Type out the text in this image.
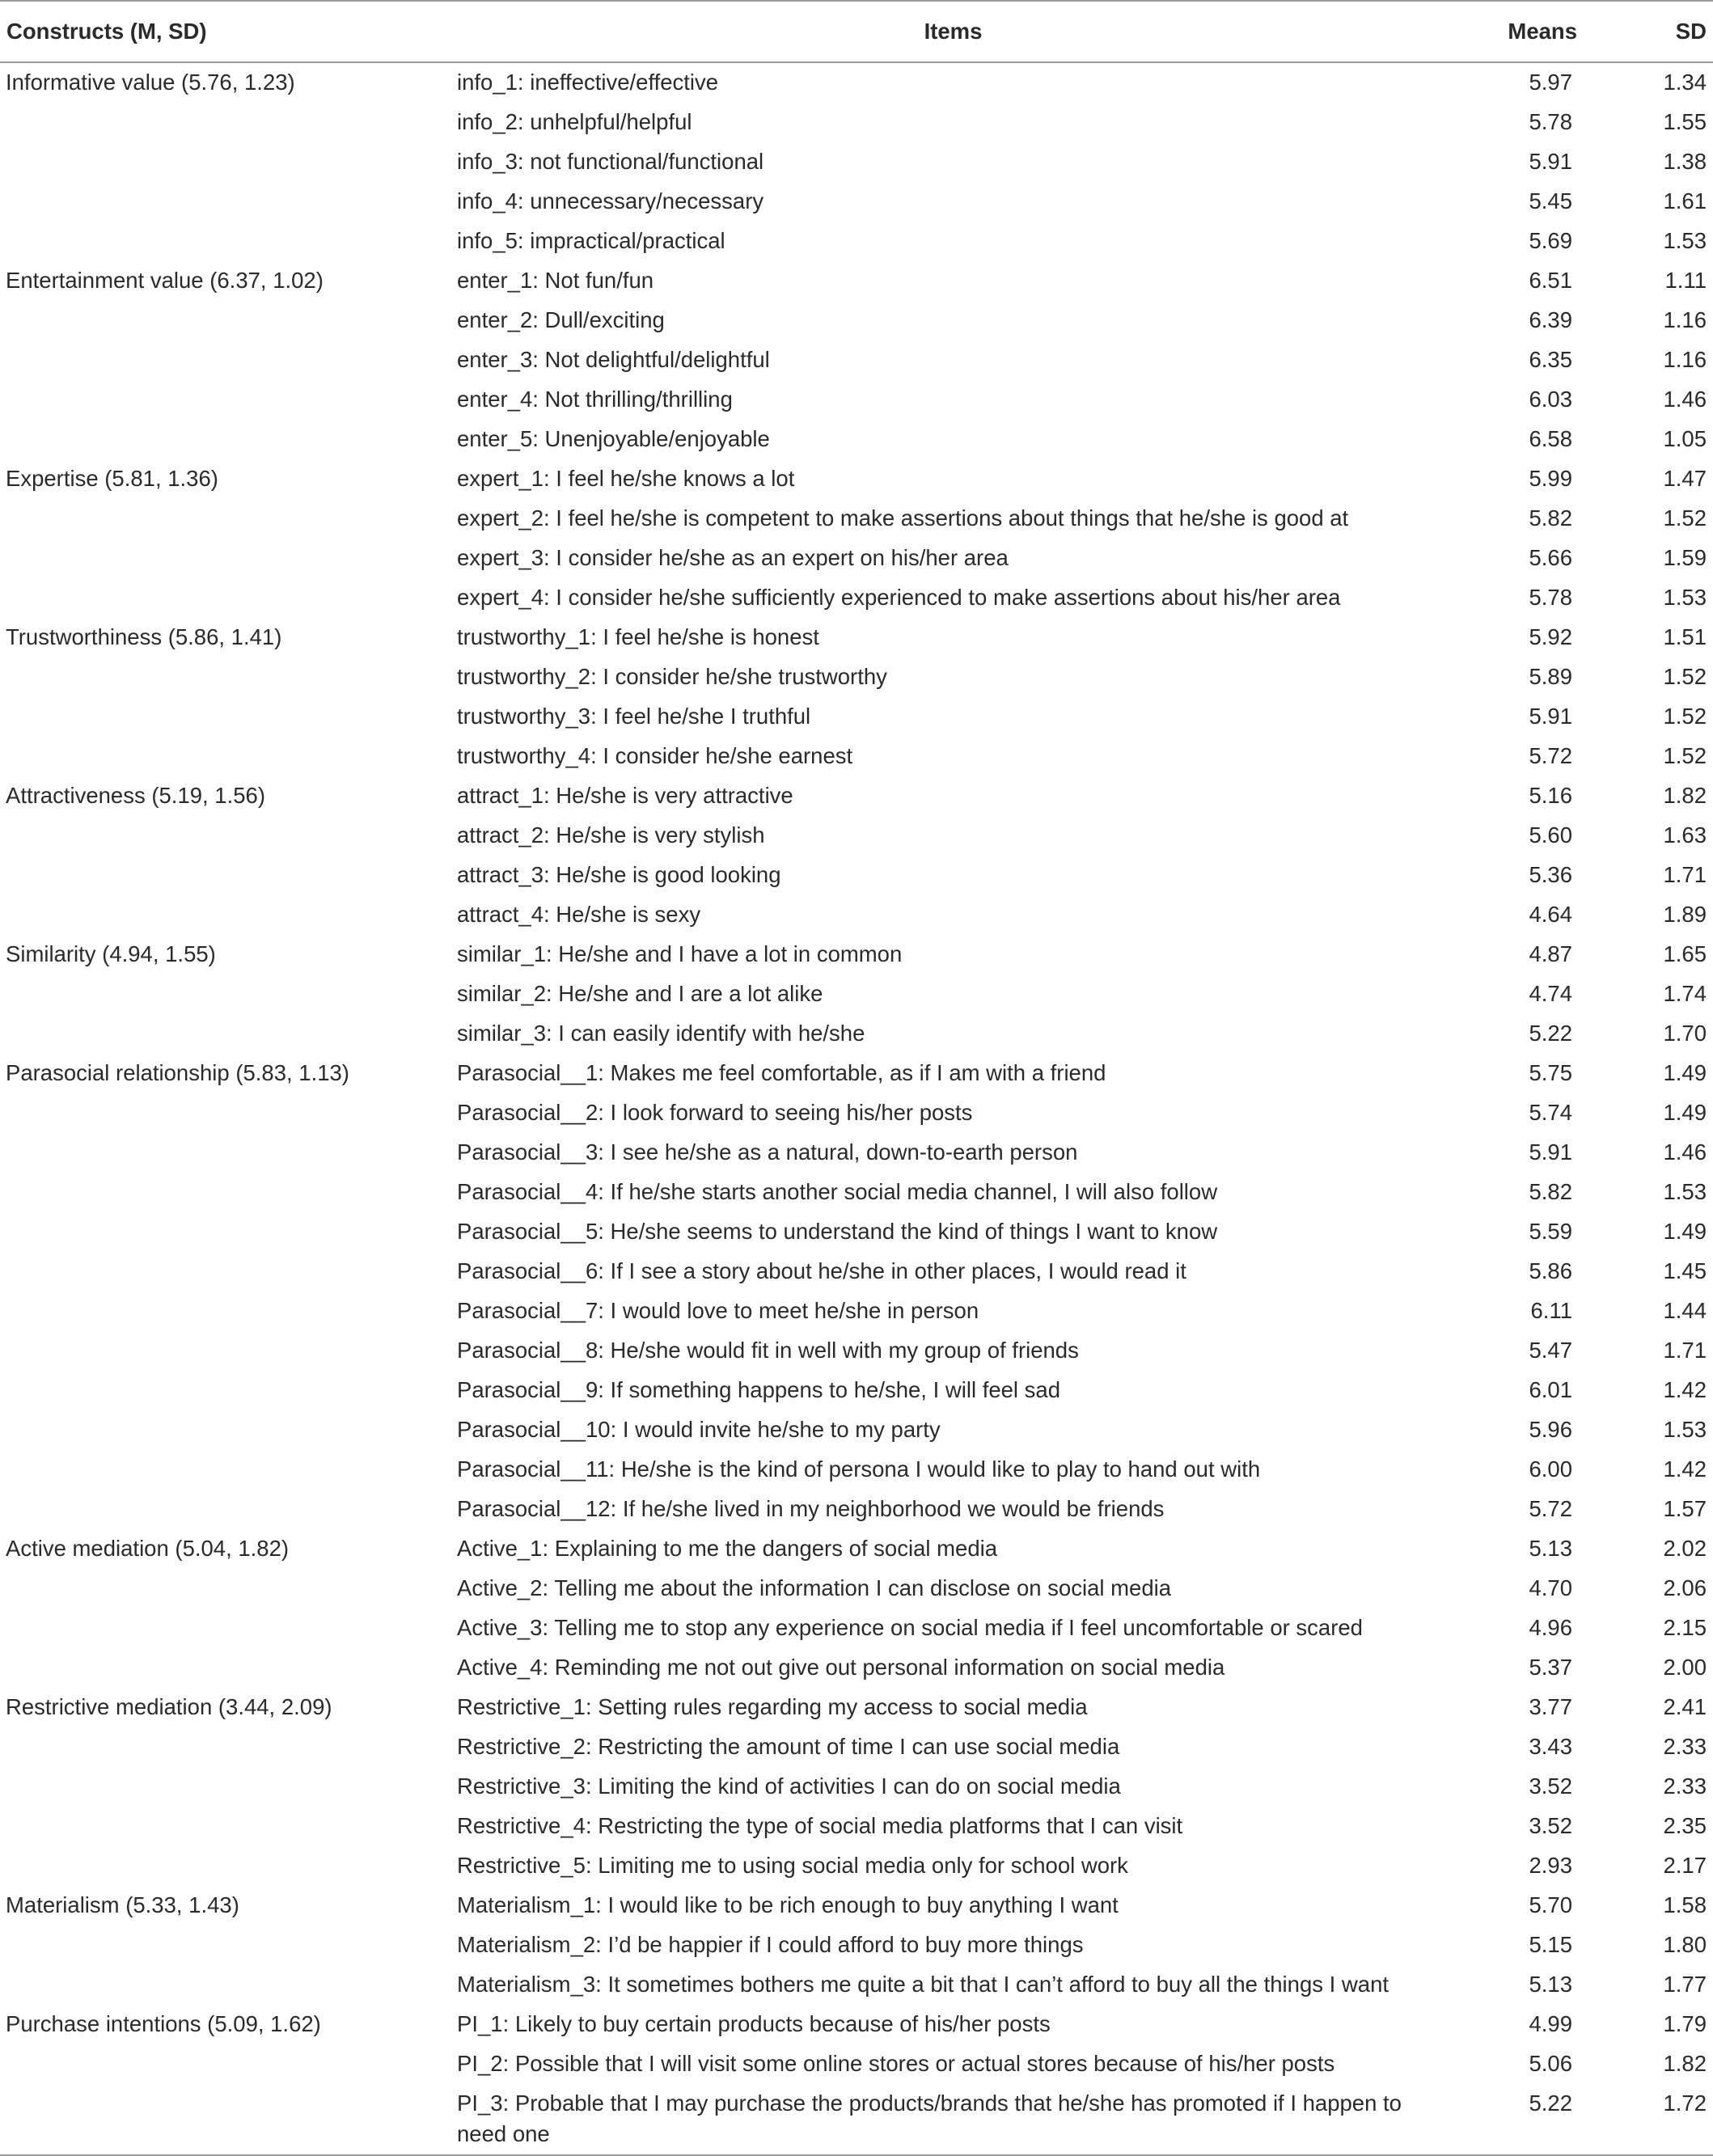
Constructs (M, SD)	Items	Means	SD
Informative value (5.76, 1.23)	info_1: ineffective/effective	5.97	1.34
	info_2: unhelpful/helpful	5.78	1.55
	info_3: not functional/functional	5.91	1.38
	info_4: unnecessary/necessary	5.45	1.61
	info_5: impractical/practical	5.69	1.53
Entertainment value (6.37, 1.02)	enter_1: Not fun/fun	6.51	1.11
	enter_2: Dull/exciting	6.39	1.16
	enter_3: Not delightful/delightful	6.35	1.16
	enter_4: Not thrilling/thrilling	6.03	1.46
	enter_5: Unenjoyable/enjoyable	6.58	1.05
Expertise (5.81, 1.36)	expert_1: I feel he/she knows a lot	5.99	1.47
	expert_2: I feel he/she is competent to make assertions about things that he/she is good at	5.82	1.52
	expert_3: I consider he/she as an expert on his/her area	5.66	1.59
	expert_4: I consider he/she sufficiently experienced to make assertions about his/her area	5.78	1.53
Trustworthiness (5.86, 1.41)	trustworthy_1: I feel he/she is honest	5.92	1.51
	trustworthy_2: I consider he/she trustworthy	5.89	1.52
	trustworthy_3: I feel he/she I truthful	5.91	1.52
	trustworthy_4: I consider he/she earnest	5.72	1.52
Attractiveness (5.19, 1.56)	attract_1: He/she is very attractive	5.16	1.82
	attract_2: He/she is very stylish	5.60	1.63
	attract_3: He/she is good looking	5.36	1.71
	attract_4: He/she is sexy	4.64	1.89
Similarity (4.94, 1.55)	similar_1: He/she and I have a lot in common	4.87	1.65
	similar_2: He/she and I are a lot alike	4.74	1.74
	similar_3: I can easily identify with he/she	5.22	1.70
Parasocial relationship (5.83, 1.13)	Parasocial__1: Makes me feel comfortable, as if I am with a friend	5.75	1.49
	Parasocial__2: I look forward to seeing his/her posts	5.74	1.49
	Parasocial__3: I see he/she as a natural, down-to-earth person	5.91	1.46
	Parasocial__4: If he/she starts another social media channel, I will also follow	5.82	1.53
	Parasocial__5: He/she seems to understand the kind of things I want to know	5.59	1.49
	Parasocial__6: If I see a story about he/she in other places, I would read it	5.86	1.45
	Parasocial__7: I would love to meet he/she in person	6.11	1.44
	Parasocial__8: He/she would fit in well with my group of friends	5.47	1.71
	Parasocial__9: If something happens to he/she, I will feel sad	6.01	1.42
	Parasocial__10: I would invite he/she to my party	5.96	1.53
	Parasocial__11: He/she is the kind of persona I would like to play to hand out with	6.00	1.42
	Parasocial__12: If he/she lived in my neighborhood we would be friends	5.72	1.57
Active mediation (5.04, 1.82)	Active_1: Explaining to me the dangers of social media	5.13	2.02
	Active_2: Telling me about the information I can disclose on social media	4.70	2.06
	Active_3: Telling me to stop any experience on social media if I feel uncomfortable or scared	4.96	2.15
	Active_4: Reminding me not out give out personal information on social media	5.37	2.00
Restrictive mediation (3.44, 2.09)	Restrictive_1: Setting rules regarding my access to social media	3.77	2.41
	Restrictive_2: Restricting the amount of time I can use social media	3.43	2.33
	Restrictive_3: Limiting the kind of activities I can do on social media	3.52	2.33
	Restrictive_4: Restricting the type of social media platforms that I can visit	3.52	2.35
	Restrictive_5: Limiting me to using social media only for school work	2.93	2.17
Materialism (5.33, 1.43)	Materialism_1: I would like to be rich enough to buy anything I want	5.70	1.58
	Materialism_2: I’d be happier if I could afford to buy more things	5.15	1.80
	Materialism_3: It sometimes bothers me quite a bit that I can’t afford to buy all the things I want	5.13	1.77
Purchase intentions (5.09, 1.62)	PI_1: Likely to buy certain products because of his/her posts	4.99	1.79
	PI_2: Possible that I will visit some online stores or actual stores because of his/her posts	5.06	1.82
	PI_3: Probable that I may purchase the products/brands that he/she has promoted if I happen to need one	5.22	1.72
